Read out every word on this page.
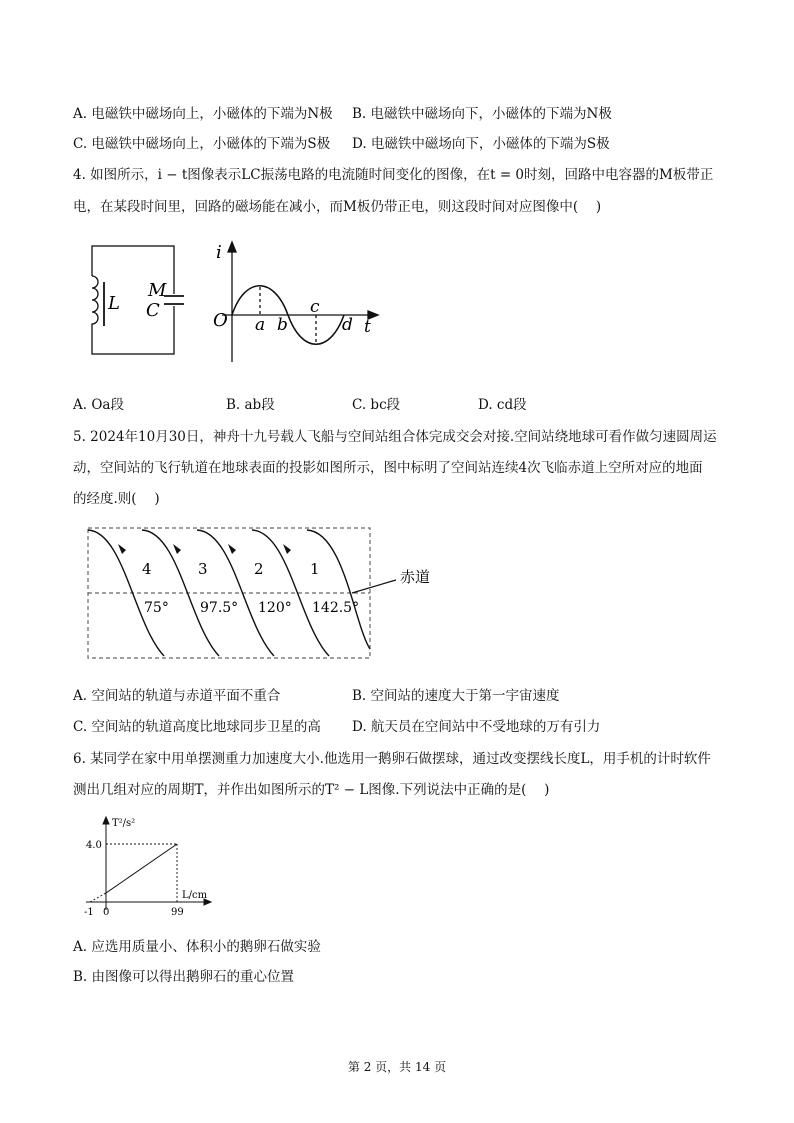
A. 电磁铁中磁场向上，小磁体的下端为N极 B. 电磁铁中磁场向下，小磁体的下端为N极
C. 电磁铁中磁场向上，小磁体的下端为S极 D. 电磁铁中磁场向下，小磁体的下端为S极
4. 如图所示，i − t图像表示LC振荡电路的电流随时间变化的图像，在t = 0时刻，回路中电容器的M板带正
电，在某段时间里，回路的磁场能在减小，而M板仍带正电，则这段时间对应图像中(　 )
L
M
C
i
O a b
c
d t
A. Oa段	B. ab段	C. bc段	D. cd段
5. 2024年10月30日，神舟十九号载人飞船与空间站组合体完成交会对接.空间站绕地球可看作做匀速圆周运
动，空间站的飞行轨道在地球表面的投影如图所示，图中标明了空间站连续4次飞临赤道上空所对应的地面
的经度.则(　 )
4	3	2	1
75° 97.5° 120° 142.5°
赤道
A. 空间站的轨道与赤道平面不重合	B. 空间站的速度大于第一宇宙速度
C. 空间站的轨道高度比地球同步卫星的高 D. 航天员在空间站中不受地球的万有引力
6. 某同学在家中用单摆测重力加速度大小.他选用一鹅卵石做摆球，通过改变摆线长度L，用手机的计时软件
测出几组对应的周期T，并作出如图所示的T² − L图像.下列说法中正确的是(　 )
T²/s²
4.0
L/cm
-1 0	99
A. 应选用质量小、体积小的鹅卵石做实验
B. 由图像可以得出鹅卵石的重心位置
第 2 页，共 14 页
